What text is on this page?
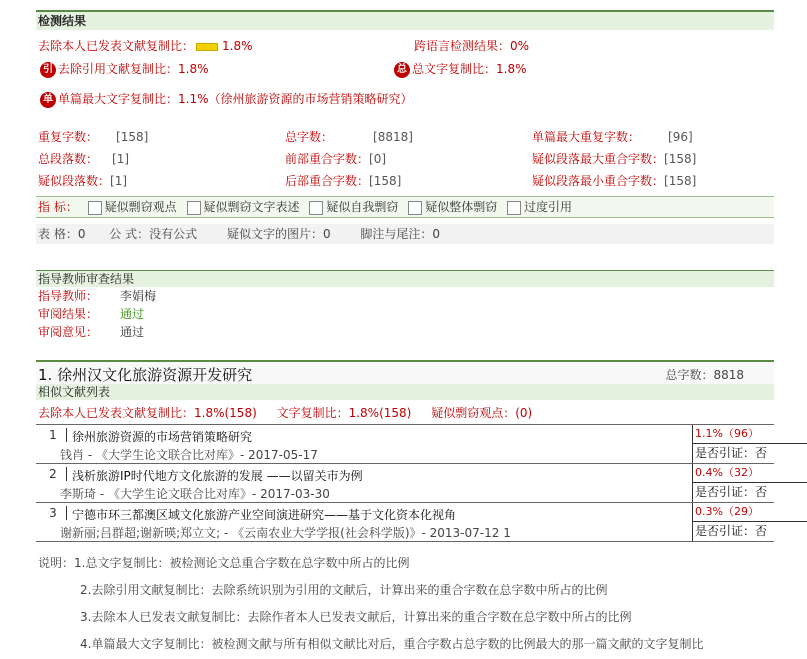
检测结果
去除本人已发表文献复制比： 1.8%	跨语言检测结果：0%
引 去除引用文献复制比：1.8%	总 总文字复制比：1.8%
单 单篇最大文字复制比：1.1%（徐州旅游资源的市场营销策略研究）
重复字数： [158]	总字数：	[8818]	单篇最大重复字数： [96]
总段落数： [1]	前部重合字数：[0]	疑似段落最大重合字数：[158]
疑似段落数：[1]	后部重合字数：[158]	疑似段落最小重合字数：[158]
指 标： 疑似剽窃观点 疑似剽窃文字表述 疑似自我剽窃 疑似整体剽窃 过度引用
表 格：0 公 式：没有公式 疑似文字的图片：0 脚注与尾注：0
指导教师审查结果
指导教师： 李娟梅
审阅结果： 通过
审阅意见： 通过
1. 徐州汉文化旅游资源开发研究	总字数：8818
相似文献列表
去除本人已发表文献复制比：1.8%(158) 文字复制比：1.8%(158) 疑似剽窃观点：(0)
1	徐州旅游资源的市场营销策略研究
钱肖 - 《大学生论文联合比对库》- 2017-05-17
1.1%（96）
是否引证：否
2	浅析旅游IP时代地方文化旅游的发展 ——以留关市为例
李斯琦 - 《大学生论文联合比对库》- 2017-03-30
0.4%（32）
是否引证：否
3	宁德市环三都澳区域文化旅游产业空间演进研究——基于文化资本化视角
谢新丽;吕群超;谢新暎;郑立文; - 《云南农业大学学报(社会科学版)》- 2013-07-12 1
0.3%（29）
是否引证：否
说明：1.总文字复制比：被检测论文总重合字数在总字数中所占的比例
2.去除引用文献复制比：去除系统识别为引用的文献后，计算出来的重合字数在总字数中所占的比例
3.去除本人已发表文献复制比：去除作者本人已发表文献后，计算出来的重合字数在总字数中所占的比例
4.单篇最大文字复制比：被检测文献与所有相似文献比对后，重合字数占总字数的比例最大的那一篇文献的文字复制比
